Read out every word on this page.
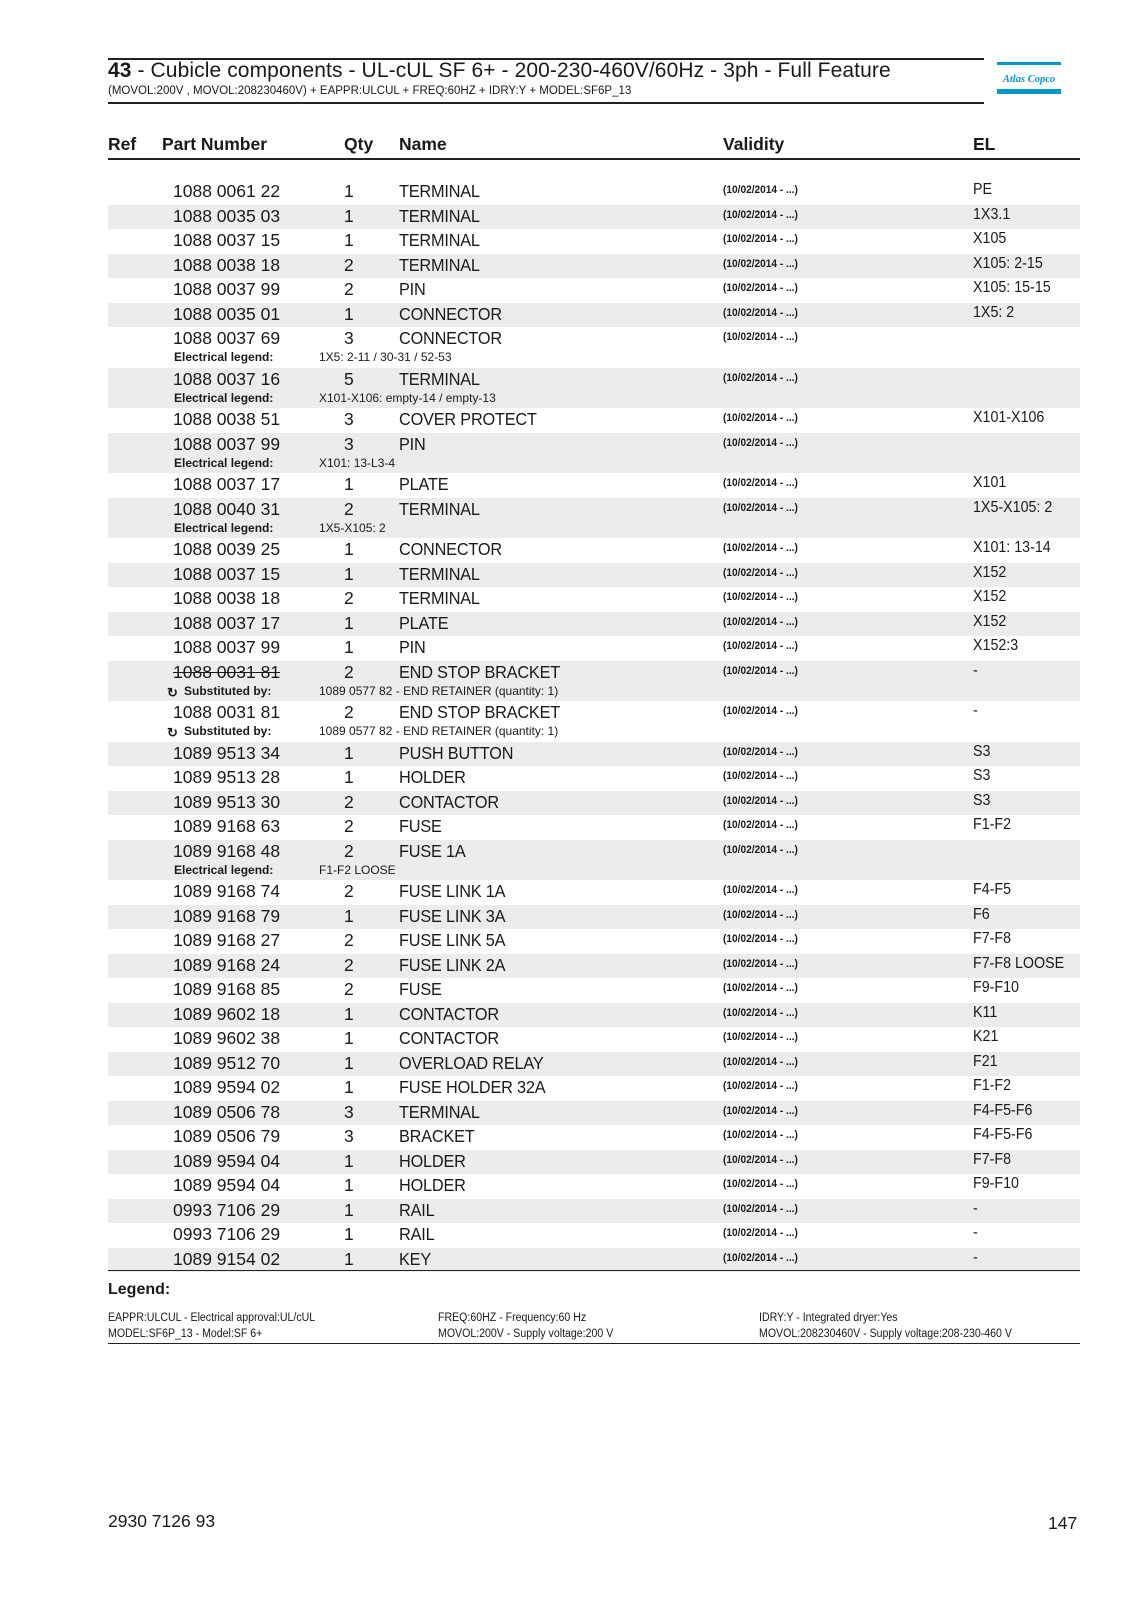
43 - Cubicle components - UL-cUL SF 6+ - 200-230-460V/60Hz - 3ph - Full Feature
(MOVOL:200V , MOVOL:208230460V) + EAPPR:ULCUL + FREQ:60HZ + IDRY:Y + MODEL:SF6P_13
Atlas Copco
Ref Part Number	Qty Name	Validity	EL
1088 0061 22	1	TERMINAL	(10/02/2014 - ...)	PE
1088 0035 03	1	TERMINAL	(10/02/2014 - ...)	1X3.1
1088 0037 15	1	TERMINAL	(10/02/2014 - ...)	X105
1088 0038 18	2	TERMINAL	(10/02/2014 - ...)	X105: 2-15
1088 0037 99	2	PIN	(10/02/2014 - ...)	X105: 15-15
1088 0035 01	1	CONNECTOR	(10/02/2014 - ...)	1X5: 2
1088 0037 69	3	CONNECTOR	(10/02/2014 - ...)
Electrical legend:	1X5: 2-11 / 30-31 / 52-53
1088 0037 16	5	TERMINAL	(10/02/2014 - ...)
Electrical legend:	X101-X106: empty-14 / empty-13
1088 0038 51	3	COVER PROTECT	(10/02/2014 - ...)	X101-X106
1088 0037 99	3	PIN	(10/02/2014 - ...)
Electrical legend:	X101: 13-L3-4
1088 0037 17	1	PLATE	(10/02/2014 - ...)	X101
1088 0040 31	2	TERMINAL	(10/02/2014 - ...)	1X5-X105: 2
Electrical legend:	1X5-X105: 2
1088 0039 25	1	CONNECTOR	(10/02/2014 - ...)	X101: 13-14
1088 0037 15	1	TERMINAL	(10/02/2014 - ...)	X152
1088 0038 18	2	TERMINAL	(10/02/2014 - ...)	X152
1088 0037 17	1	PLATE	(10/02/2014 - ...)	X152
1088 0037 99	1	PIN	(10/02/2014 - ...)	X152:3
1088 0031 81	2	END STOP BRACKET	(10/02/2014 - ...)	-
↻ Substituted by:	1089 0577 82 - END RETAINER (quantity: 1)
1088 0031 81	2	END STOP BRACKET	(10/02/2014 - ...)	-
↻ Substituted by:	1089 0577 82 - END RETAINER (quantity: 1)
1089 9513 34	1	PUSH BUTTON	(10/02/2014 - ...)	S3
1089 9513 28	1	HOLDER	(10/02/2014 - ...)	S3
1089 9513 30	2	CONTACTOR	(10/02/2014 - ...)	S3
1089 9168 63	2	FUSE	(10/02/2014 - ...)	F1-F2
1089 9168 48	2	FUSE 1A	(10/02/2014 - ...)
Electrical legend:	F1-F2 LOOSE
1089 9168 74	2	FUSE LINK 1A	(10/02/2014 - ...)	F4-F5
1089 9168 79	1	FUSE LINK 3A	(10/02/2014 - ...)	F6
1089 9168 27	2	FUSE LINK 5A	(10/02/2014 - ...)	F7-F8
1089 9168 24	2	FUSE LINK 2A	(10/02/2014 - ...)	F7-F8 LOOSE
1089 9168 85	2	FUSE	(10/02/2014 - ...)	F9-F10
1089 9602 18	1	CONTACTOR	(10/02/2014 - ...)	K11
1089 9602 38	1	CONTACTOR	(10/02/2014 - ...)	K21
1089 9512 70	1	OVERLOAD RELAY	(10/02/2014 - ...)	F21
1089 9594 02	1	FUSE HOLDER 32A	(10/02/2014 - ...)	F1-F2
1089 0506 78	3	TERMINAL	(10/02/2014 - ...)	F4-F5-F6
1089 0506 79	3	BRACKET	(10/02/2014 - ...)	F4-F5-F6
1089 9594 04	1	HOLDER	(10/02/2014 - ...)	F7-F8
1089 9594 04	1	HOLDER	(10/02/2014 - ...)	F9-F10
0993 7106 29	1	RAIL	(10/02/2014 - ...)	-
0993 7106 29	1	RAIL	(10/02/2014 - ...)	-
1089 9154 02	1	KEY	(10/02/2014 - ...)	-
Legend:
EAPPR:ULCUL - Electrical approval:UL/cUL	FREQ:60HZ - Frequency:60 Hz	IDRY:Y - Integrated dryer:Yes
MODEL:SF6P_13 - Model:SF 6+	MOVOL:200V - Supply voltage:200 V	MOVOL:208230460V - Supply voltage:208-230-460 V
2930 7126 93	147
